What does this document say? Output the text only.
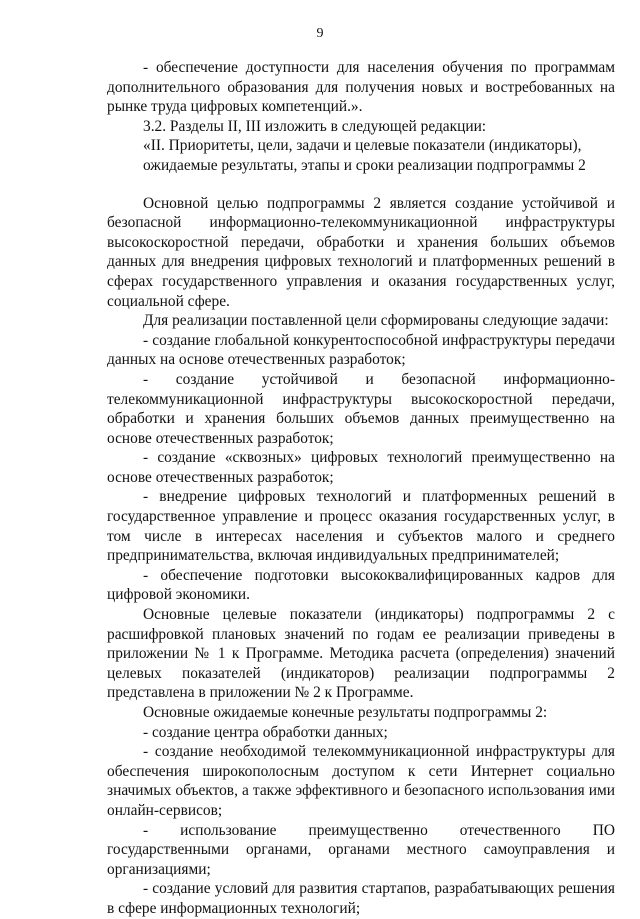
9

- обеспечение доступности для населения обучения по программам дополнительного образования для получения новых и востребованных на рынке труда цифровых компетенций.».

3.2. Разделы II, III изложить в следующей редакции:

«II. Приоритеты, цели, задачи и целевые показатели (индикаторы),

ожидаемые результаты, этапы и сроки реализации подпрограммы 2

Основной целью подпрограммы 2 является создание устойчивой и безопасной информационно-телекоммуникационной инфраструктуры высокоскоростной передачи, обработки и хранения больших объемов данных для внедрения цифровых технологий и платформенных решений в сферах государственного управления и оказания государственных услуг, социальной сфере.

Для реализации поставленной цели сформированы следующие задачи:

- создание глобальной конкурентоспособной инфраструктуры передачи данных на основе отечественных разработок;

- создание устойчивой и безопасной информационно-телекоммуникационной инфраструктуры высокоскоростной передачи, обработки и хранения больших объемов данных преимущественно на основе отечественных разработок;

- создание «сквозных» цифровых технологий преимущественно на основе отечественных разработок;

- внедрение цифровых технологий и платформенных решений в государственное управление и процесс оказания государственных услуг, в том числе в интересах населения и субъектов малого и среднего предпринимательства, включая индивидуальных предпринимателей;

- обеспечение подготовки высококвалифицированных кадров для цифровой экономики.

Основные целевые показатели (индикаторы) подпрограммы 2 с расшифровкой плановых значений по годам ее реализации приведены в приложении № 1 к Программе. Методика расчета (определения) значений целевых показателей (индикаторов) реализации подпрограммы 2 представлена в приложении № 2 к Программе.

Основные ожидаемые конечные результаты подпрограммы 2:

- создание центра обработки данных;

- создание необходимой телекоммуникационной инфраструктуры для обеспечения широкополосным доступом к сети Интернет социально значимых объектов, а также эффективного и безопасного использования ими онлайн-сервисов;

- использование преимущественно отечественного ПО государственными органами, органами местного самоуправления и организациями;

- создание условий для развития стартапов, разрабатывающих решения в сфере информационных технологий;
